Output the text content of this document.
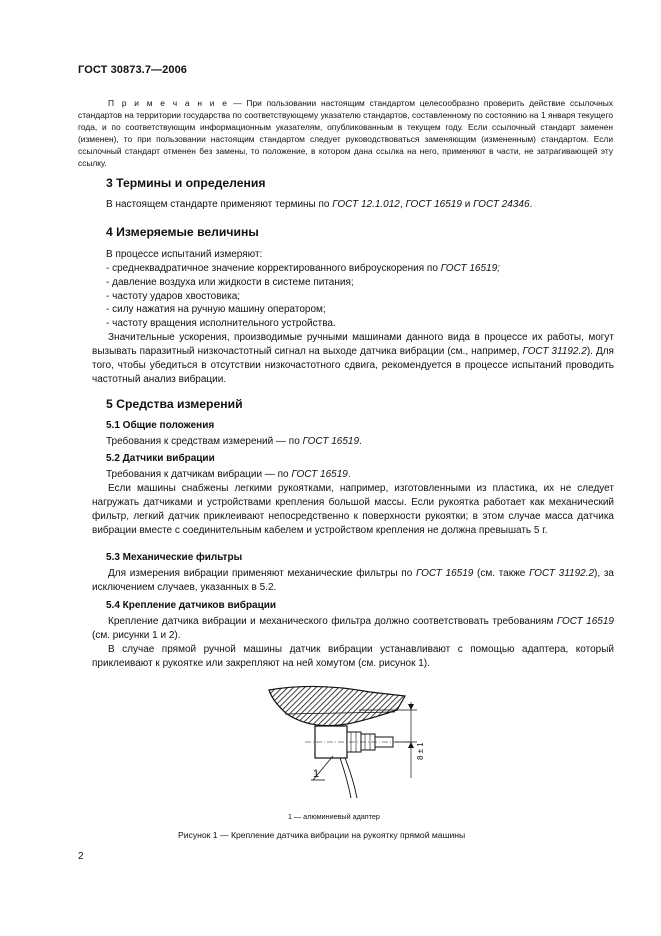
ГОСТ 30873.7—2006

П р и м е ч а н и е — При пользовании настоящим стандартом целесообразно проверить действие ссылочных стандартов на территории государства по соответствующему указателю стандартов, составленному по состоянию на 1 января текущего года, и по соответствующим информационным указателям, опубликованным в текущем году. Если ссылочный стандарт заменен (изменен), то при пользовании настоящим стандартом следует руководствоваться заменяющим (измененным) стандартом. Если ссылочный стандарт отменен без замены, то положение, в котором дана ссылка на него, применяют в части, не затрагивающей эту ссылку.

3 Термины и определения
В настоящем стандарте применяют термины по ГОСТ 12.1.012, ГОСТ 16519 и ГОСТ 24346.
4 Измеряемые величины
В процессе испытаний измеряют:
- среднеквадратичное значение корректированного виброускорения по ГОСТ 16519;
- давление воздуха или жидкости в системе питания;
- частоту ударов хвостовика;
- силу нажатия на ручную машину оператором;
- частоту вращения исполнительного устройства.
Значительные ускорения, производимые ручными машинами данного вида в процессе их работы, могут вызывать паразитный низкочастотный сигнал на выходе датчика вибрации (см., например, ГОСТ 31192.2). Для того, чтобы убедиться в отсутствии низкочастотного сдвига, рекомендуется в процессе испытаний проводить частотный анализ вибрации.
5 Средства измерений
5.1 Общие положения
Требования к средствам измерений — по ГОСТ 16519.
5.2 Датчики вибрации
Требования к датчикам вибрации — по ГОСТ 16519.
Если машины снабжены легкими рукоятками, например, изготовленными из пластика, их не следует нагружать датчиками и устройствами крепления большой массы. Если рукоятка работает как механический фильтр, легкий датчик приклеивают непосредственно к поверхности рукоятки; в этом случае масса датчика вибрации вместе с соединительным кабелем и устройством крепления не должна превышать 5 г.
5.3 Механические фильтры
Для измерения вибрации применяют механические фильтры по ГОСТ 16519 (см. также ГОСТ 31192.2), за исключением случаев, указанных в 5.2.
5.4 Крепление датчиков вибрации
Крепление датчика вибрации и механического фильтра должно соответствовать требованиям ГОСТ 16519 (см. рисунки 1 и 2).
В случае прямой ручной машины датчик вибрации устанавливают с помощью адаптера, который приклеивают к рукоятке или закрепляют на ней хомутом (см. рисунок 1).
8 ± 1
1
1 — алюминиевый адаптер
Рисунок 1 — Крепление датчика вибрации на рукоятку прямой машины
2
